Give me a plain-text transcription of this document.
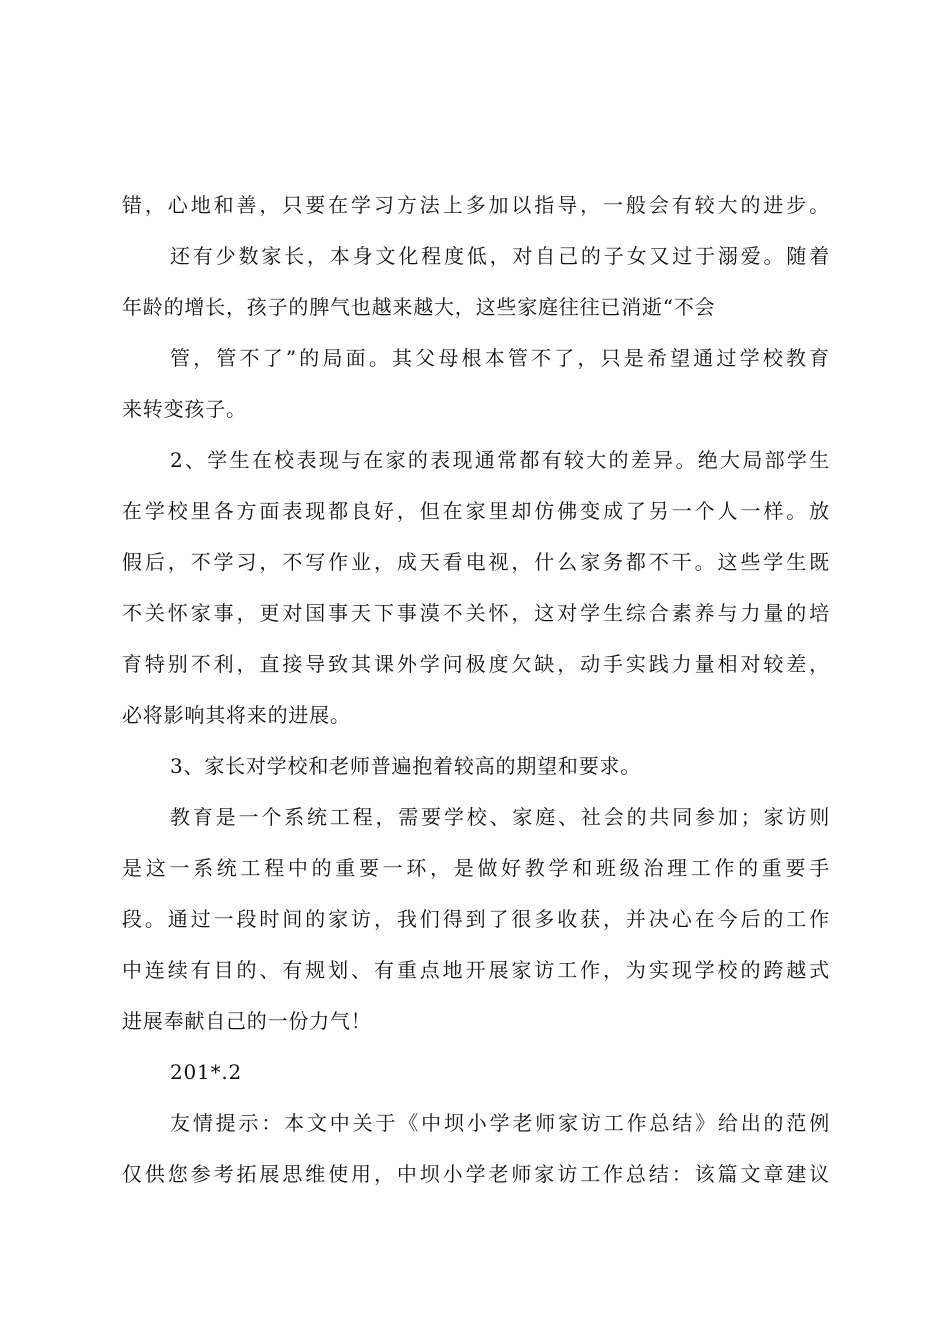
错，心地和善，只要在学习方法上多加以指导，一般会有较大的进步。
还有少数家长，本身文化程度低，对自己的子女又过于溺爱。随着
年龄的增长，孩子的脾气也越来越大，这些家庭往往已消逝“不会
管，管不了”的局面。其父母根本管不了，只是希望通过学校教育
来转变孩子。
2、学生在校表现与在家的表现通常都有较大的差异。绝大局部学生
在学校里各方面表现都良好，但在家里却仿佛变成了另一个人一样。放
假后，不学习，不写作业，成天看电视，什么家务都不干。这些学生既
不关怀家事，更对国事天下事漠不关怀，这对学生综合素养与力量的培
育特别不利，直接导致其课外学问极度欠缺，动手实践力量相对较差，
必将影响其将来的进展。
3、家长对学校和老师普遍抱着较高的期望和要求。
教育是一个系统工程，需要学校、家庭、社会的共同参加；家访则
是这一系统工程中的重要一环，是做好教学和班级治理工作的重要手
段。通过一段时间的家访，我们得到了很多收获，并决心在今后的工作
中连续有目的、有规划、有重点地开展家访工作，为实现学校的跨越式
进展奉献自己的一份力气！
201*.2
友情提示：本文中关于《中坝小学老师家访工作总结》给出的范例
仅供您参考拓展思维使用，中坝小学老师家访工作总结：该篇文章建议
